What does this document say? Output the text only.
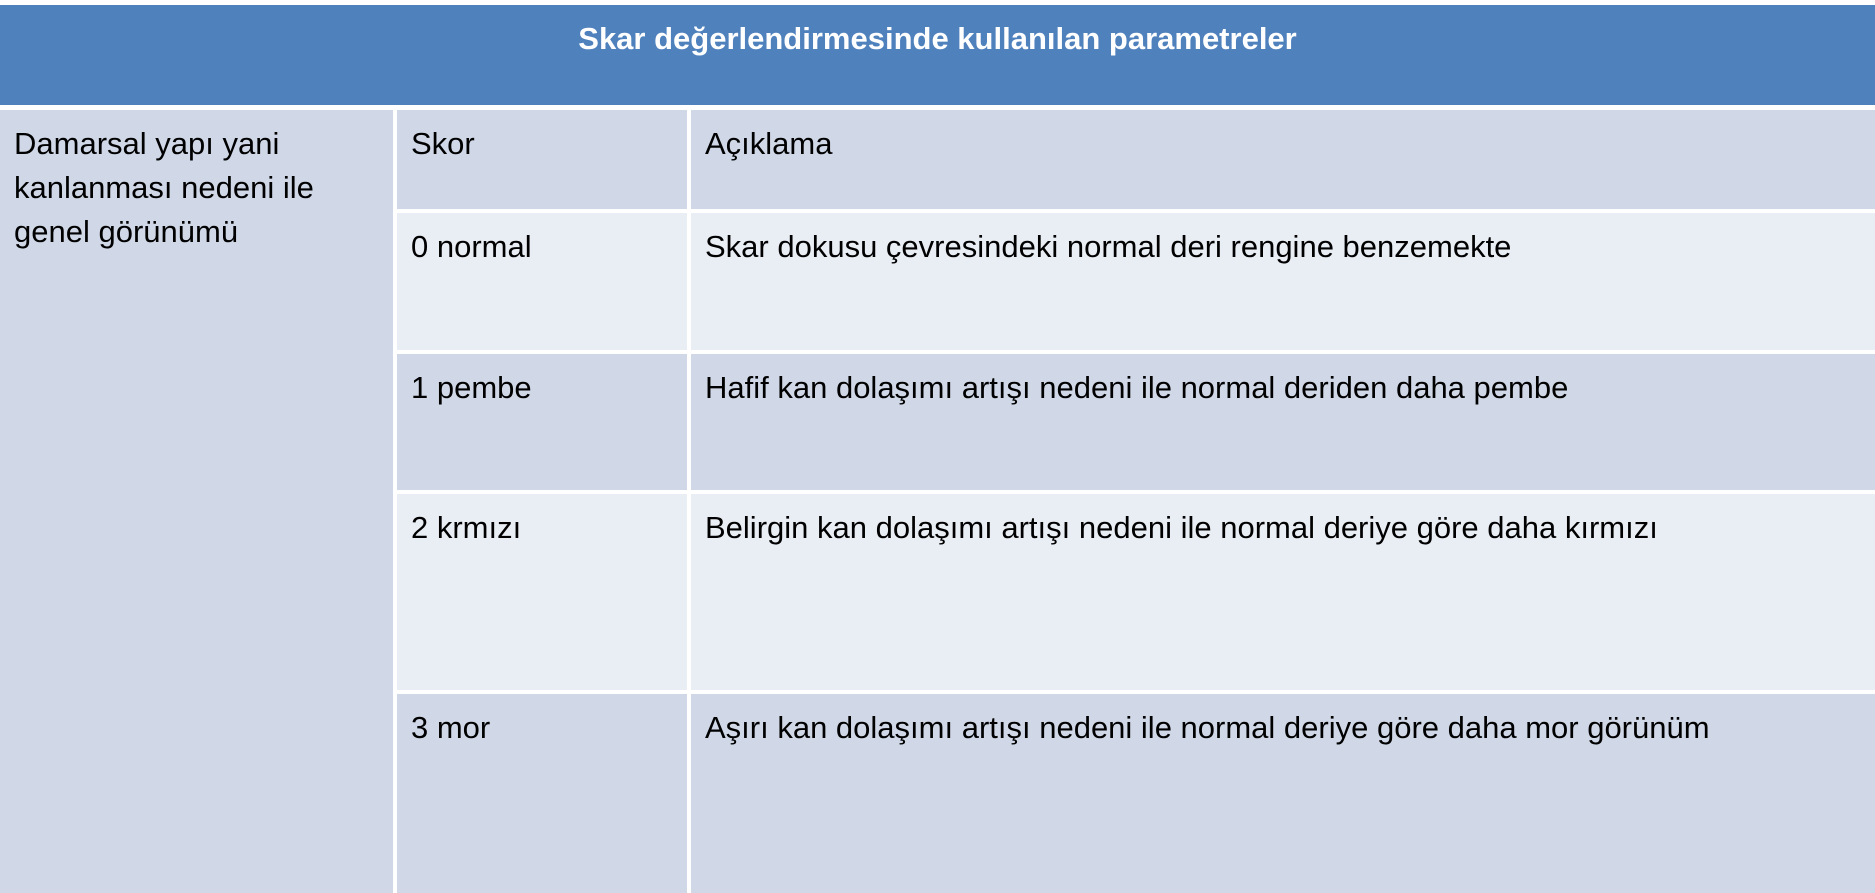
Skar değerlendirmesinde kullanılan parametreler
Damarsal yapı yani kanlanması nedeni ile genel görünümü
Skor	Açıklama
0 normal	Skar dokusu çevresindeki normal deri rengine benzemekte
1 pembe	Hafif kan dolaşımı artışı nedeni ile normal deriden daha pembe
2 krmızı	Belirgin kan dolaşımı artışı nedeni ile normal deriye göre daha kırmızı
3 mor	Aşırı kan dolaşımı artışı nedeni ile normal deriye göre daha mor görünüm
